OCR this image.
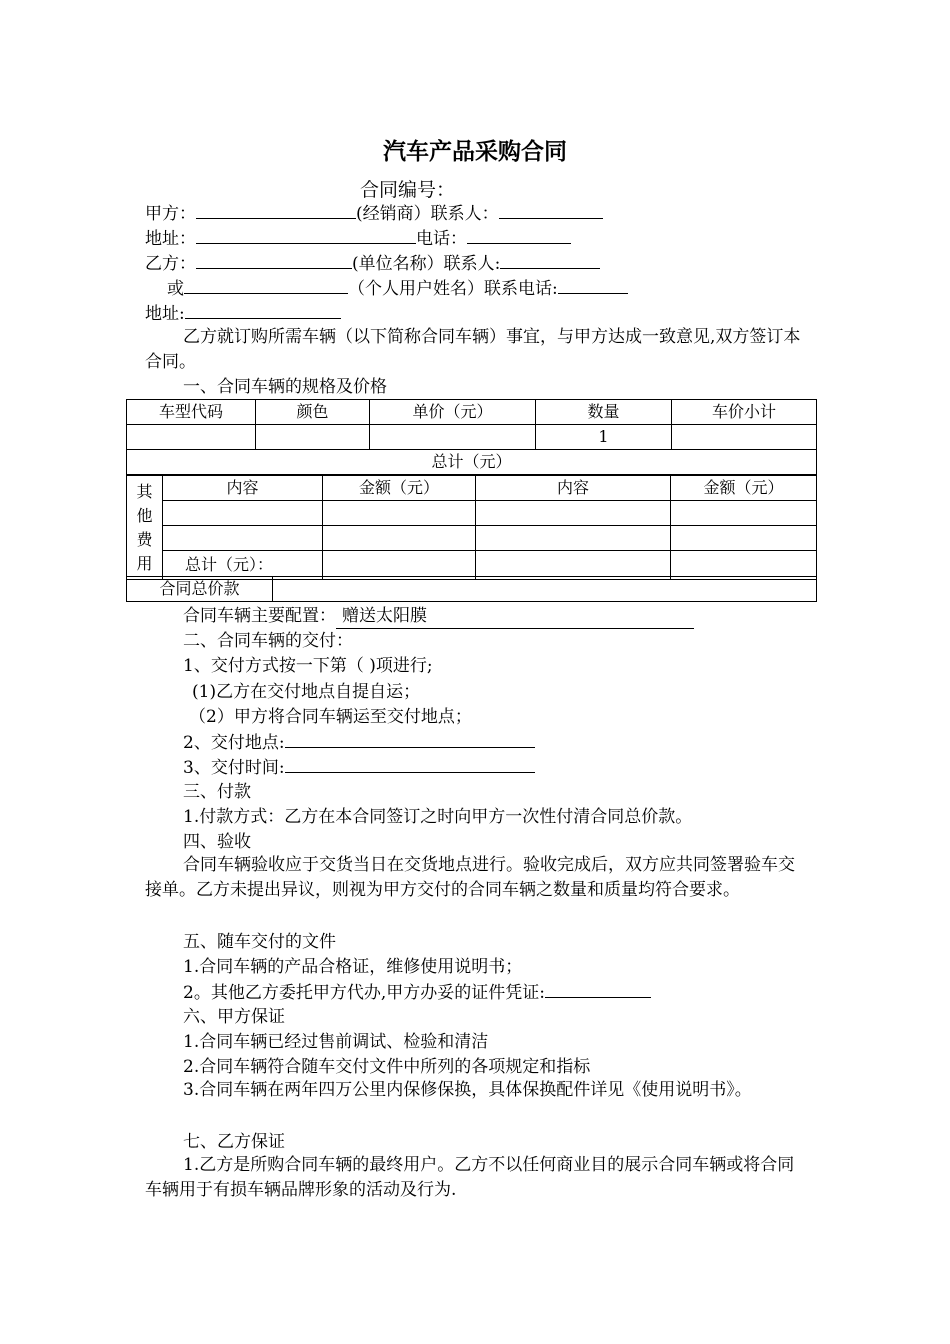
汽车产品采购合同
合同编号：
甲方：	(经销商）联系人：
地址：	电话：
乙方：	(单位名称）联系人:
或	（个人用户姓名）联系电话:
地址:
乙方就订购所需车辆（以下简称合同车辆）事宜，与甲方达成一致意见,双方签订本合同。
一、合同车辆的规格及价格
车型代码	颜色	单价（元）	数量	车价小计
			1	
总计（元）				
其
他
费
用	内容	金额（元）	内容	金额（元）

	总计（元）：			
合同总价款	
合同车辆主要配置： 赠送太阳膜
二、合同车辆的交付：
1、交付方式按一下第（ )项进行;
(1)乙方在交付地点自提自运；
（2）甲方将合同车辆运至交付地点；
2、交付地点:
3、交付时间:
三、付款
1.付款方式：乙方在本合同签订之时向甲方一次性付清合同总价款。
四、验收
合同车辆验收应于交货当日在交货地点进行。验收完成后，双方应共同签署验车交接单。乙方未提出异议，则视为甲方交付的合同车辆之数量和质量均符合要求。
五、随车交付的文件
1.合同车辆的产品合格证，维修使用说明书；
2。其他乙方委托甲方代办,甲方办妥的证件凭证:
六、甲方保证
1.合同车辆已经过售前调试、检验和清洁
2.合同车辆符合随车交付文件中所列的各项规定和指标
3.合同车辆在两年四万公里内保修保换，具体保换配件详见《使用说明书》。
七、乙方保证
1.乙方是所购合同车辆的最终用户。乙方不以任何商业目的展示合同车辆或将合同车辆用于有损车辆品牌形象的活动及行为.
